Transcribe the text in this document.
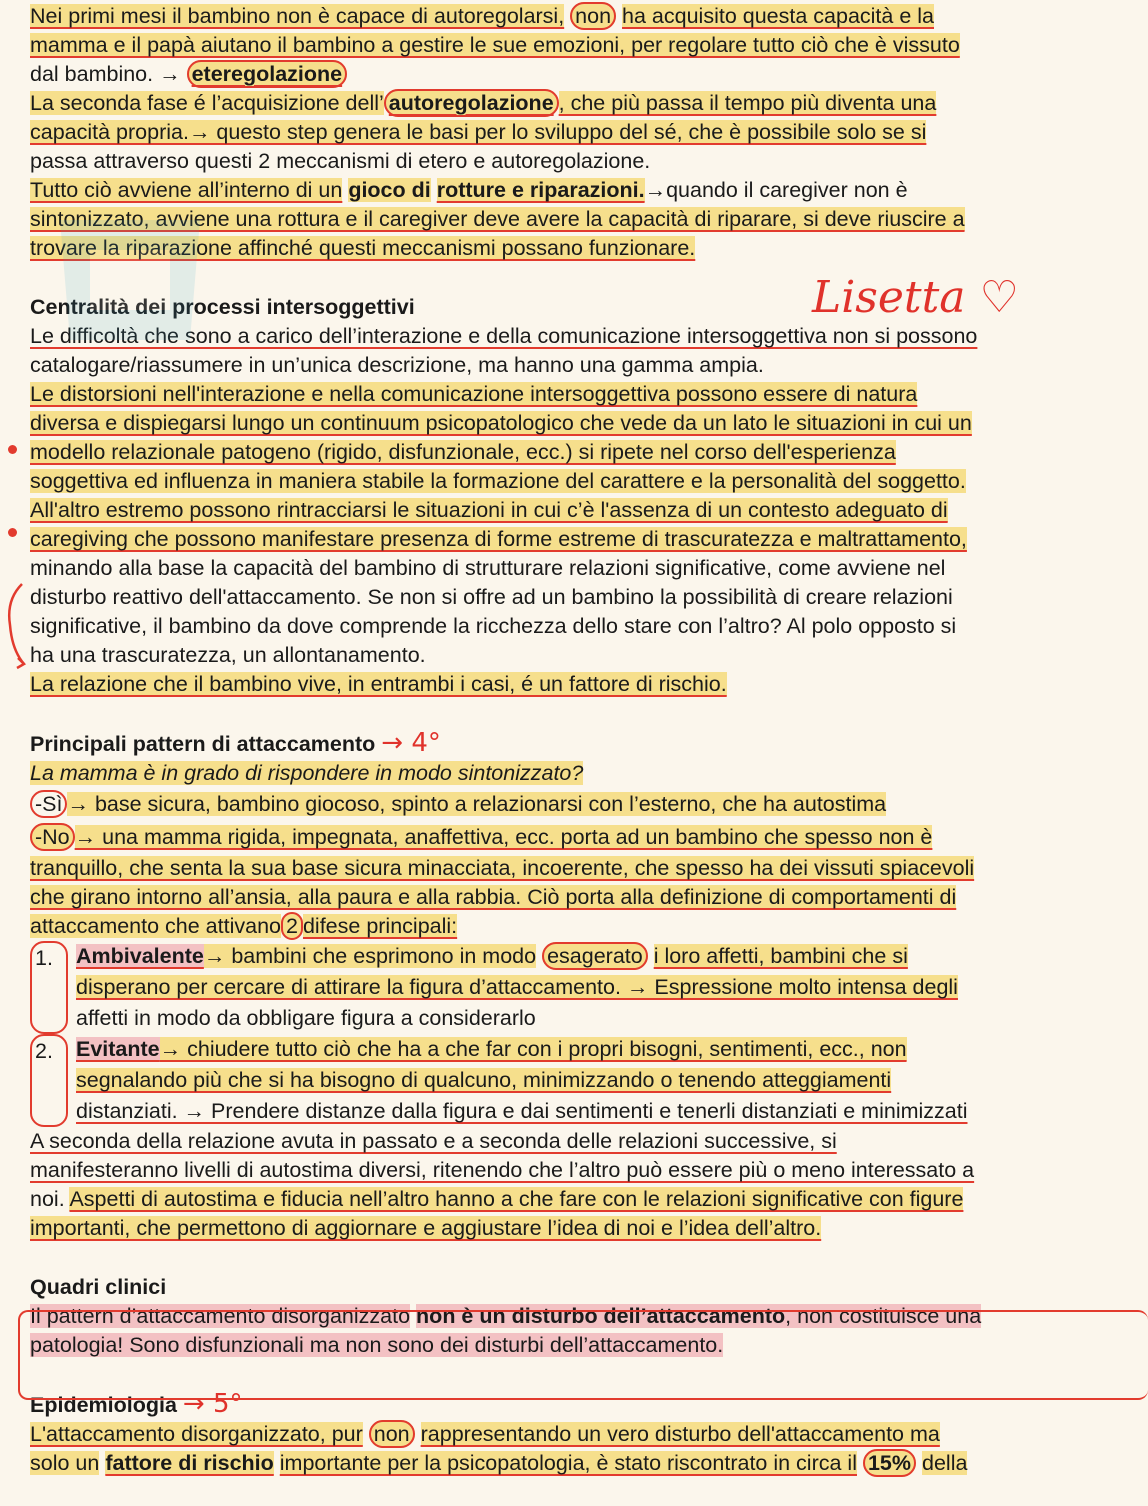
Nei primi mesi il bambino non è capace di autoregolarsi, non ha acquisito questa capacità e la

mamma e il papà aiutano il bambino a gestire le sue emozioni, per regolare tutto ciò che è vissuto

dal bambino. → eteregolazione

La seconda fase é l’acquisizione dell’ autoregolazione , che più passa il tempo più diventa una

capacità propria.→ questo step genera le basi per lo sviluppo del sé, che è possibile solo se si

passa attraverso questi 2 meccanismi di etero e autoregolazione.

Tutto ciò avviene all’interno di un gioco di rotture e riparazioni.→quando il caregiver non è

sintonizzato, avviene una rottura e il caregiver deve avere la capacità di riparare, si deve riuscire a

trovare la riparazione affinché questi meccanismi possano funzionare.

Centralità dei processi intersoggettivi

Le difficoltà che sono a carico dell’interazione e della comunicazione intersoggettiva non si possono

catalogare/riassumere in un’unica descrizione, ma hanno una gamma ampia.

Le distorsioni nell'interazione e nella comunicazione intersoggettiva possono essere di natura

diversa e dispiegarsi lungo un continuum psicopatologico che vede da un lato le situazioni in cui un

modello relazionale patogeno (rigido, disfunzionale, ecc.) si ripete nel corso dell'esperienza

soggettiva ed influenza in maniera stabile la formazione del carattere e la personalità del soggetto.

All'altro estremo possono rintracciarsi le situazioni in cui c’è l'assenza di un contesto adeguato di

caregiving che possono manifestare presenza di forme estreme di trascuratezza e maltrattamento,

minando alla base la capacità del bambino di strutturare relazioni significative, come avviene nel

disturbo reattivo dell'attaccamento. Se non si offre ad un bambino la possibilità di creare relazioni

significative, il bambino da dove comprende la ricchezza dello stare con l’altro? Al polo opposto si

ha una trascuratezza, un allontanamento.

La relazione che il bambino vive, in entrambi i casi, é un fattore di rischio.

Principali pattern di attaccamento → 4°

La mamma è in grado di rispondere in modo sintonizzato?

-Sì → base sicura, bambino giocoso, spinto a relazionarsi con l’esterno, che ha autostima

-No → una mamma rigida, impegnata, anaffettiva, ecc. porta ad un bambino che spesso non è

tranquillo, che senta la sua base sicura minacciata, incoerente, che spesso ha dei vissuti spiacevoli

che girano intorno all’ansia, alla paura e alla rabbia. Ciò porta alla definizione di comportamenti di

attaccamento che attivano 2 difese principali:

1.	Ambivalente→ bambini che esprimono in modo esagerato i loro affetti, bambini che si
disperano per cercare di attirare la figura d’attaccamento. → Espressione molto intensa degli
affetti in modo da obbligare figura a considerarlo
2.	Evitante→ chiudere tutto ciò che ha a che far con i propri bisogni, sentimenti, ecc., non
segnalando più che si ha bisogno di qualcuno, minimizzando o tenendo atteggiamenti
distanziati. → Prendere distanze dalla figura e dai sentimenti e tenerli distanziati e minimizzati

A seconda della relazione avuta in passato e a seconda delle relazioni successive, si

manifesteranno livelli di autostima diversi, ritenendo che l’altro può essere più o meno interessato a

noi. Aspetti di autostima e fiducia nell’altro hanno a che fare con le relazioni significative con figure

importanti, che permettono di aggiornare e aggiustare l’idea di noi e l’idea dell’altro.

Quadri clinici

Il pattern d’attaccamento disorganizzato non è un disturbo dell’attaccamento, non costituisce una

patologia! Sono disfunzionali ma non sono dei disturbi dell’attaccamento.

Epidemiologia → 5°

L'attaccamento disorganizzato, pur non rappresentando un vero disturbo dell'attaccamento ma

solo un fattore di rischio importante per la psicopatologia, è stato riscontrato in circa il 15% della

Lisetta ♡
